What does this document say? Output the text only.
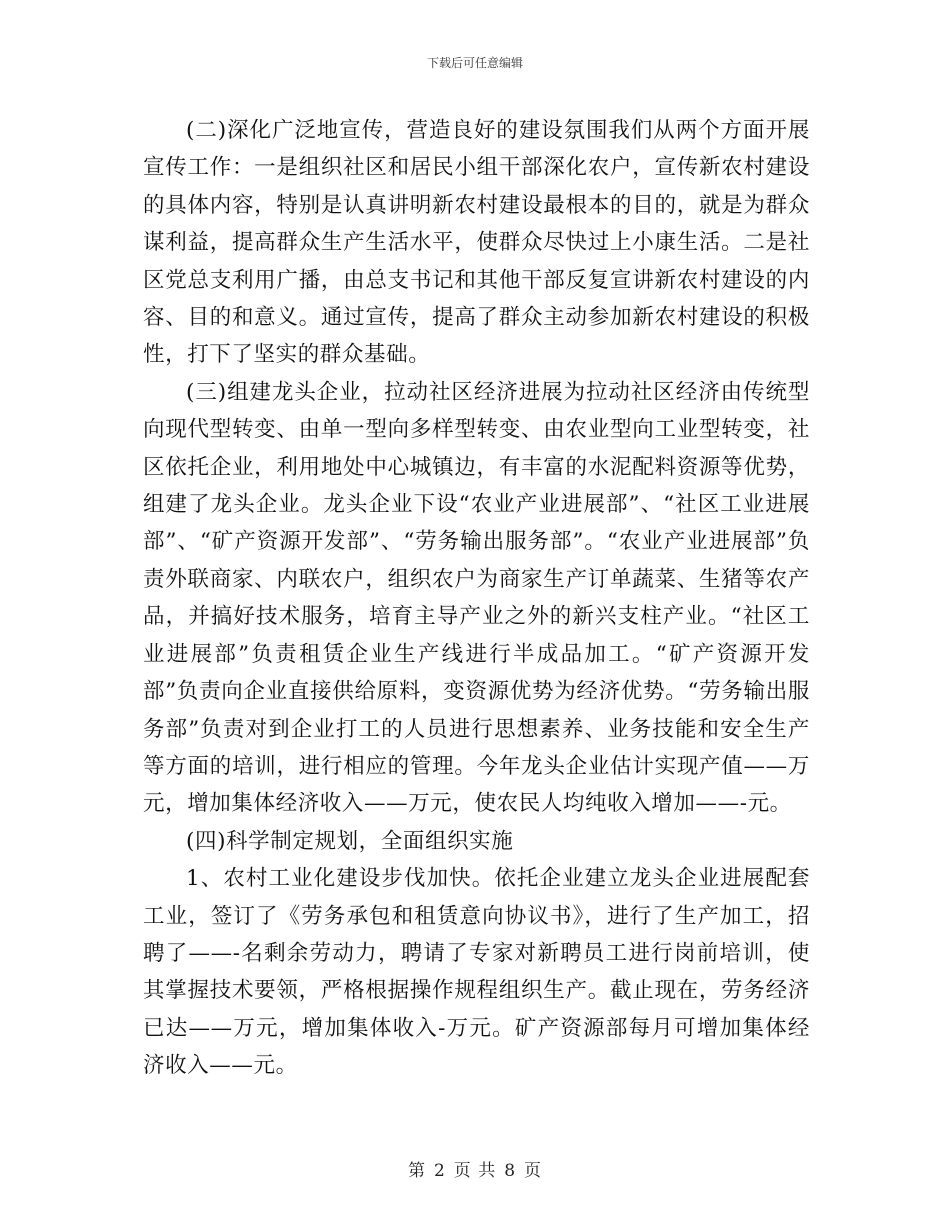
下载后可任意编辑

(二)深化广泛地宣传，营造良好的建设氛围我们从两个方面开展宣传工作：一是组织社区和居民小组干部深化农户，宣传新农村建设的具体内容，特别是认真讲明新农村建设最根本的目的，就是为群众谋利益，提高群众生产生活水平，使群众尽快过上小康生活。二是社区党总支利用广播，由总支书记和其他干部反复宣讲新农村建设的内容、目的和意义。通过宣传，提高了群众主动参加新农村建设的积极性，打下了坚实的群众基础。

(三)组建龙头企业，拉动社区经济进展为拉动社区经济由传统型向现代型转变、由单一型向多样型转变、由农业型向工业型转变，社区依托企业，利用地处中心城镇边，有丰富的水泥配料资源等优势，组建了龙头企业。龙头企业下设“农业产业进展部”、“社区工业进展部”、“矿产资源开发部”、“劳务输出服务部”。“农业产业进展部”负责外联商家、内联农户，组织农户为商家生产订单蔬菜、生猪等农产品，并搞好技术服务，培育主导产业之外的新兴支柱产业。“社区工业进展部”负责租赁企业生产线进行半成品加工。“矿产资源开发部”负责向企业直接供给原料，变资源优势为经济优势。“劳务输出服务部”负责对到企业打工的人员进行思想素养、业务技能和安全生产等方面的培训，进行相应的管理。今年龙头企业估计实现产值——万元，增加集体经济收入——万元，使农民人均纯收入增加——-元。

(四)科学制定规划，全面组织实施

1、农村工业化建设步伐加快。依托企业建立龙头企业进展配套工业，签订了《劳务承包和租赁意向协议书》，进行了生产加工，招聘了——-名剩余劳动力，聘请了专家对新聘员工进行岗前培训，使其掌握技术要领，严格根据操作规程组织生产。截止现在，劳务经济已达——万元，增加集体收入-万元。矿产资源部每月可增加集体经济收入——元。

第 2 页 共 8 页
